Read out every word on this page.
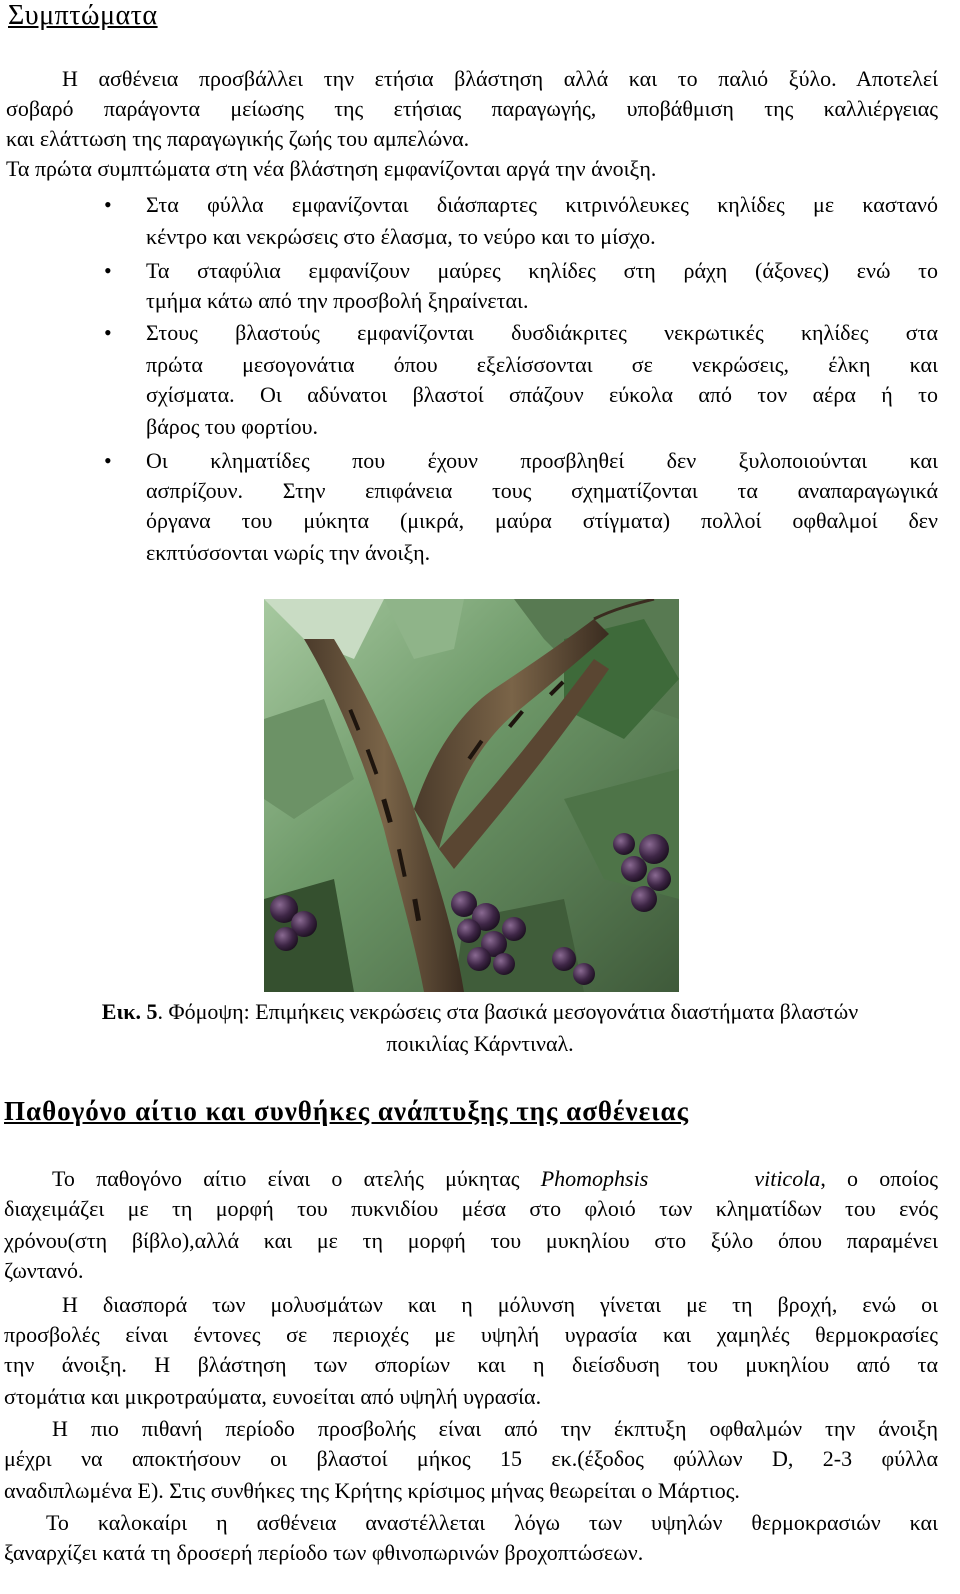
Συμπτώματα
Η ασθένεια προσβάλλει την ετήσια βλάστηση αλλά και το παλιό ξύλο. Αποτελεί
σοβαρό παράγοντα μείωσης της ετήσιας παραγωγής, υποβάθμιση της καλλιέργειας
και ελάττωση της παραγωγικής ζωής του αμπελώνα.
Τα πρώτα συμπτώματα στη νέα βλάστηση εμφανίζονται αργά την άνοιξη.
• Στα φύλλα εμφανίζονται διάσπαρτες κιτρινόλευκες κηλίδες με καστανό
κέντρο και νεκρώσεις στο έλασμα, το νεύρο και το μίσχο.
• Τα σταφύλια εμφανίζουν μαύρες κηλίδες στη ράχη (άξονες) ενώ το
τμήμα κάτω από την προσβολή ξηραίνεται.
• Στους βλαστούς εμφανίζονται δυσδιάκριτες νεκρωτικές κηλίδες στα
πρώτα μεσογονάτια όπου εξελίσσονται σε νεκρώσεις, έλκη και
σχίσματα. Οι αδύνατοι βλαστοί σπάζουν εύκολα από τον αέρα ή το
βάρος του φορτίου.
• Οι κληματίδες που έχουν προσβληθεί δεν ξυλοποιούνται και
ασπρίζουν. Στην επιφάνεια τους σχηματίζονται τα αναπαραγωγικά
όργανα του μύκητα (μικρά, μαύρα στίγματα) πολλοί οφθαλμοί δεν
εκπτύσσονται νωρίς την άνοιξη.
Εικ. 5. Φόμοψη: Επιμήκεις νεκρώσεις στα βασικά μεσογονάτια διαστήματα βλαστών
ποικιλίας Κάρντιναλ.
Παθογόνο αίτιο και συνθήκες ανάπτυξης της ασθένειας
Το παθογόνο αίτιο είναι ο ατελής μύκητας Phomophsis	viticola, ο οποίος
διαχειμάζει με τη μορφή του πυκνιδίου μέσα στο φλοιό των κληματίδων του ενός
χρόνου(στη βίβλο),αλλά και με τη μορφή του μυκηλίου στο ξύλο όπου παραμένει
ζωντανό.
Η διασπορά των μολυσμάτων και η μόλυνση γίνεται με τη βροχή, ενώ οι
προσβολές είναι έντονες σε περιοχές με υψηλή υγρασία και χαμηλές θερμοκρασίες
την άνοιξη. Η βλάστηση των σπορίων και η διείσδυση του μυκηλίου από τα
στομάτια και μικροτραύματα, ευνοείται από υψηλή υγρασία.
Η πιο πιθανή περίοδο προσβολής είναι από την έκπτυξη οφθαλμών την άνοιξη
μέχρι να αποκτήσουν οι βλαστοί μήκος 15 εκ.(έξοδος φύλλων D, 2-3 φύλλα
αναδιπλωμένα E). Στις συνθήκες της Κρήτης κρίσιμος μήνας θεωρείται ο Μάρτιος.
Το καλοκαίρι η ασθένεια αναστέλλεται λόγω των υψηλών θερμοκρασιών και
ξαναρχίζει κατά τη δροσερή περίοδο των φθινοπωρινών βροχοπτώσεων.
